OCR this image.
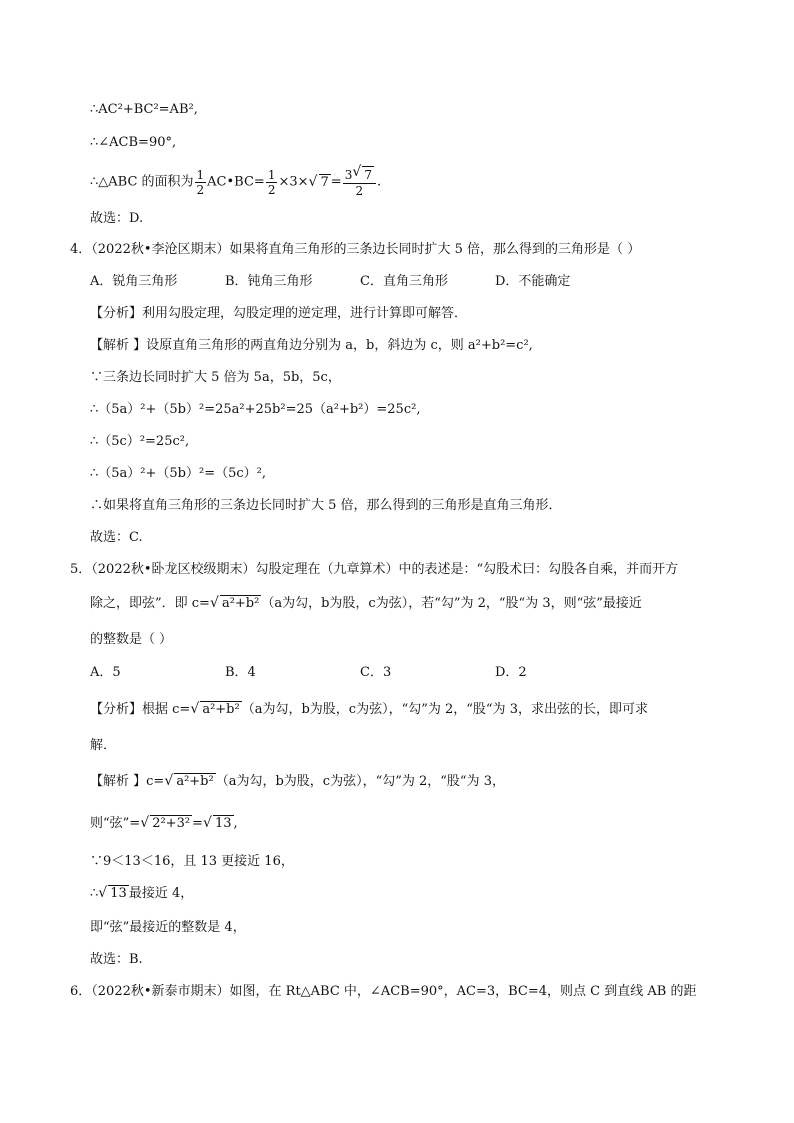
∴AC²+BC²=AB²,
∴∠ACB=90°,
∴△ABC 的面积为 $\frac{1}{2}$ AC•BC= $\frac{1}{2} \times 3\times√$ $7 = \frac{3√ 7}{2}$ .
故选：D.
4．（2022秋•李沧区期末）如果将直角三角形的三条边长同时扩大 5 倍，那么得到的三角形是（ ）
A．锐角三角形	B．钝角三角形	C．直角三角形	D．不能确定
【分析】利用勾股定理，勾股定理的逆定理，进行计算即可解答．
【解析 】设原直角三角形的两直角边分别为 a，b，斜边为 c，则 a²+b²=c²,
∵三条边长同时扩大 5 倍为 5a，5b，5c，
∴（5a）²+（5b）²=25a²+25b²=25（a²+b²）=25c²,
∴（5c）²=25c²,
∴（5a）²+（5b）²=（5c）²,
∴如果将直角三角形的三条边长同时扩大 5 倍，那么得到的三角形是直角三角形．
故选：C.
5．（2022秋•卧龙区校级期末）勾股定理在（九章算术）中的表述是：“勾股术曰：勾股各自乘，并而开方
除之，即弦”．即 c=√ a²+b² （a为勾，b为股，c为弦），若“勾”为 2，“股“为 3，则“弦”最接近
的整数是（ ）
A．5	B．4	C．3	D．2
【分析】根据 c=√ a²+b² （a为勾，b为股，c为弦），“勾”为 2，“股“为 3，求出弦的长，即可求
解．
【解析 】c=√ a²+b² （a为勾，b为股，c为弦），“勾”为 2，“股“为 3，
则“弦”=√ 2²+3² =√ 13 ,
∵9＜13＜16，且 13 更接近 16，
∴√ 13 最接近 4，
即“弦”最接近的整数是 4，
故选：B.
6．（2022秋•新泰市期末）如图，在 Rt△ABC 中，∠ACB=90°，AC=3，BC=4，则点 C 到直线 AB 的距
